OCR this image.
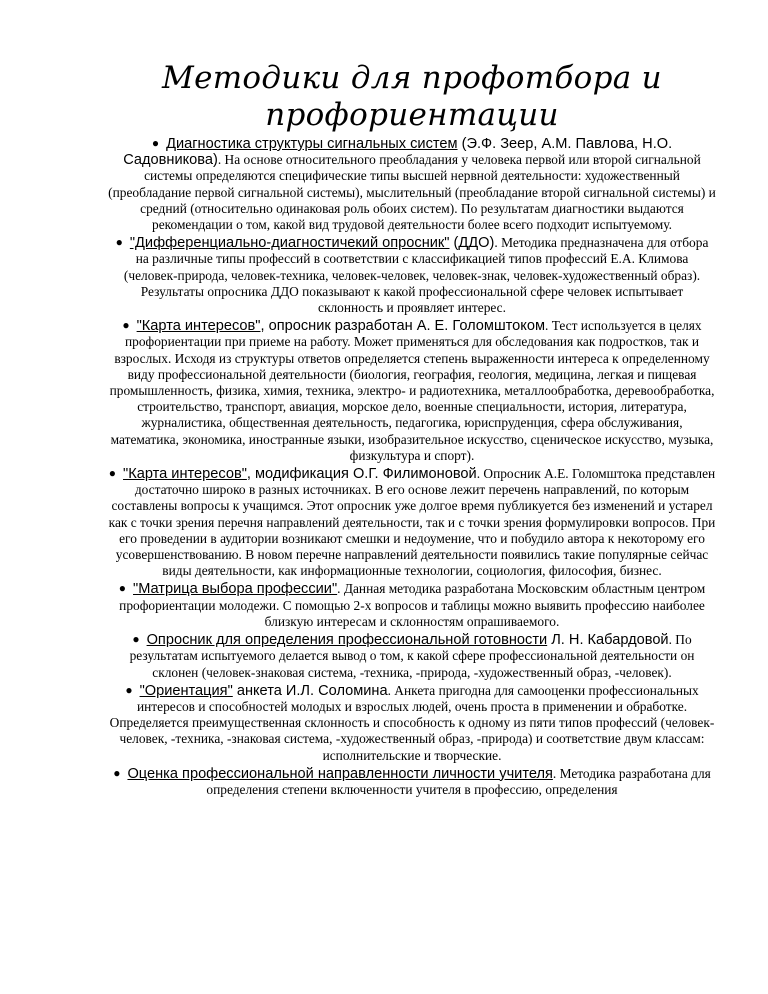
Методики для профотбора и профориентации

● Диагностика структуры сигнальных систем (Э.Ф. Зеер, А.М. Павлова, Н.О. Садовникова). На основе относительного преобладания у человека первой или второй сигнальной системы определяются специфические типы высшей нервной деятельности: художественный (преобладание первой сигнальной системы), мыслительный (преобладание второй сигнальной системы) и средний (относительно одинаковая роль обоих систем). По результатам диагностики выдаются рекомендации о том, какой вид трудовой деятельности более всего подходит испытуемому.

● "Дифференциально-диагностичекий опросник" (ДДО). Методика предназначена для отбора на различные типы профессий в соответствии с классификацией типов профессий Е.А. Климова (человек-природа, человек-техника, человек-человек, человек-знак, человек-художественный образ). Результаты опросника ДДО показывают к какой профессиональной сфере человек испытывает склонность и проявляет интерес.

● "Карта интересов", опросник разработан А. Е. Голомштоком. Тест используется в целях профориентации при приеме на работу. Может применяться для обследования как подростков, так и взрослых. Исходя из структуры ответов определяется степень выраженности интереса к определенному виду профессиональной деятельности (биология, география, геология, медицина, легкая и пищевая промышленность, физика, химия, техника, электро- и радиотехника, металлообработка, деревообработка, строительство, транспорт, авиация, морское дело, военные специальности, история, литература, журналистика, общественная деятельность, педагогика, юриспруденция, сфера обслуживания, математика, экономика, иностранные языки, изобразительное искусство, сценическое искусство, музыка, физкультура и спорт).

● "Карта интересов", модификация О.Г. Филимоновой. Опросник А.Е. Голомштока представлен достаточно широко в разных источниках. В его основе лежит перечень направлений, по которым составлены вопросы к учащимся. Этот опросник уже долгое время публикуется без изменений и устарел как с точки зрения перечня направлений деятельности, так и с точки зрения формулировки вопросов. При его проведении в аудитории возникают смешки и недоумение, что и побудило автора к некоторому его усовершенствованию. В новом перечне направлений деятельности появились такие популярные сейчас виды деятельности, как информационные технологии, социология, философия, бизнес.

● "Матрица выбора профессии". Данная методика разработана Московским областным центром профориентации молодежи. С помощью 2-х вопросов и таблицы можно выявить профессию наиболее близкую интересам и склонностям опрашиваемого.

● Опросник для определения профессиональной готовности Л. Н. Кабардовой. По результатам испытуемого делается вывод о том, к какой сфере профессиональной деятельности он склонен (человек-знаковая система, -техника, -природа, -художественный образ, -человек).

● "Ориентация" анкета И.Л. Соломина. Анкета пригодна для самооценки профессиональных интересов и способностей молодых и взрослых людей, очень проста в применении и обработке. Определяется преимущественная склонность и способность к одному из пяти типов профессий (человек-человек, -техника, -знаковая система, -художественный образ, -природа) и соответствие двум классам: исполнительские и творческие.

● Оценка профессиональной направленности личности учителя. Методика разработана для определения степени включенности учителя в профессию, определения
